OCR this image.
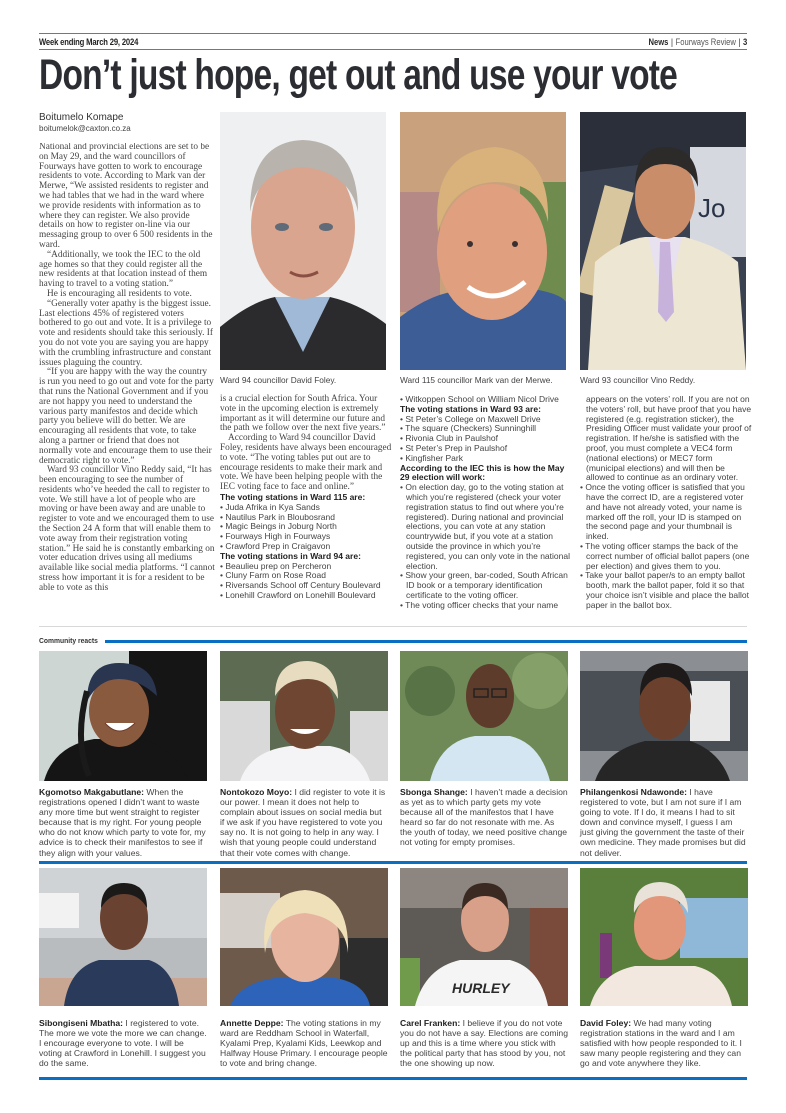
Week ending March 29, 2024	News | Fourways Review | 3
Don’t just hope, get out and use your vote
Boitumelo Komape
boitumelok@caxton.co.za

National and provincial elections are set to be on May 29, and the ward councillors of Fourways have gotten to work to encourage residents to vote. According to Mark van der Merwe, “We assisted residents to register and we had tables that we had in the ward where we provide residents with information as to where they can register. We also provide details on how to register on-line via our messaging group to over 6 500 residents in the ward.

“Additionally, we took the IEC to the old age homes so that they could register all the new residents at that location instead of them having to travel to a voting station.”

He is encouraging all residents to vote.

“Generally voter apathy is the biggest issue. Last elections 45% of registered voters bothered to go out and vote. It is a privilege to vote and residents should take this seriously. If you do not vote you are saying you are happy with the crumbling infrastructure and constant issues plaguing the country.

“If you are happy with the way the country is run you need to go out and vote for the party that runs the National Government and if you are not happy you need to understand the various party manifestos and decide which party you believe will do better. We are encouraging all residents that vote, to take along a partner or friend that does not normally vote and encourage them to use their democratic right to vote.”

Ward 93 councillor Vino Reddy said, “It has been encouraging to see the number of residents who’ve heeded the call to register to vote. We still have a lot of people who are moving or have been away and are unable to register to vote and we encouraged them to use the Section 24 A form that will enable them to vote away from their registration voting station.” He said he is constantly embarking on voter education drives using all mediums available like social media platforms. “I cannot stress how important it is for a resident to be able to vote as this

Jo
Ward 94 councillor David Foley.	Ward 115 councillor Mark van der Merwe.	Ward 93 councillor Vino Reddy.

is a crucial election for South Africa. Your vote in the upcoming election is extremely important as it will determine our future and the path we follow over the next five years.”

According to Ward 94 councillor David Foley, residents have always been encouraged to vote. “The voting tables put out are to encourage residents to make their mark and vote. We have been helping people with the IEC voting face to face and online.”

The voting stations in Ward 115 are:
• Juda Afrika in Kya Sands
• Nautilus Park in Bloubosrand
• Magic Beings in Joburg North
• Fourways High in Fourways
• Crawford Prep in Craigavon
The voting stations in Ward 94 are:
• Beaulieu prep on Percheron
• Cluny Farm on Rose Road
• Riversands School off Century Boulevard
• Lonehill Crawford on Lonehill Boulevard
• Witkoppen School on William Nicol Drive
The voting stations in Ward 93 are:
• St Peter’s College on Maxwell Drive
• The square (Checkers) Sunninghill
• Rivonia Club in Paulshof
• St Peter’s Prep in Paulshof
• Kingfisher Park
According to the IEC this is how the May 29 election will work:
• On election day, go to the voting station at which you’re registered (check your voter registration status to find out where you’re registered). During national and provincial elections, you can vote at any station countrywide but, if you vote at a station outside the province in which you’re registered, you can only vote in the national election.
• Show your green, bar-coded, South African ID book or a temporary identification certificate to the voting officer.
• The voting officer checks that your name
appears on the voters’ roll. If you are not on the voters’ roll, but have proof that you have registered (e.g. registration sticker), the Presiding Officer must validate your proof of registration. If he/she is satisfied with the proof, you must complete a VEC4 form (national elections) or MEC7 form (municipal elections) and will then be allowed to continue as an ordinary voter.
• Once the voting officer is satisfied that you have the correct ID, are a registered voter and have not already voted, your name is marked off the roll, your ID is stamped on the second page and your thumbnail is inked.
• The voting officer stamps the back of the correct number of official ballot papers (one per election) and gives them to you.
• Take your ballot paper/s to an empty ballot booth, mark the ballot paper, fold it so that your choice isn’t visible and place the ballot paper in the ballot box.
Community reacts
Kgomotso Makgabutlane: When the registrations opened I didn’t want to waste any more time but went straight to register because that is my right. For young people who do not know which party to vote for, my advice is to check their manifestos to see if they align with your values.
Nontokozo Moyo: I did register to vote it is our power. I mean it does not help to complain about issues on social media but if we ask if you have registered to vote you say no. It is not going to help in any way. I wish that young people could understand that their vote comes with change.
Sbonga Shange: I haven’t made a decision as yet as to which party gets my vote because all of the manifestos that I have heard so far do not resonate with me. As the youth of today, we need positive change not voting for empty promises.
Philangenkosi Ndawonde: I have registered to vote, but I am not sure if I am going to vote. If I do, it means I had to sit down and convince myself, I guess I am just giving the government the taste of their own medicine. They made promises but did not deliver.
HURLEY
Sibongiseni Mbatha: I registered to vote. The more we vote the more we can change. I encourage everyone to vote. I will be voting at Crawford in Lonehill. I suggest you do the same.
Annette Deppe: The voting stations in my ward are Reddham School in Waterfall, Kyalami Prep, Kyalami Kids, Leewkop and Halfway House Primary. I encourage people to vote and bring change.
Carel Franken: I believe if you do not vote you do not have a say. Elections are coming up and this is a time where you stick with the political party that has stood by you, not the one showing up now.
David Foley: We had many voting registration stations in the ward and I am satisfied with how people responded to it. I saw many people registering and they can go and vote anywhere they like.
